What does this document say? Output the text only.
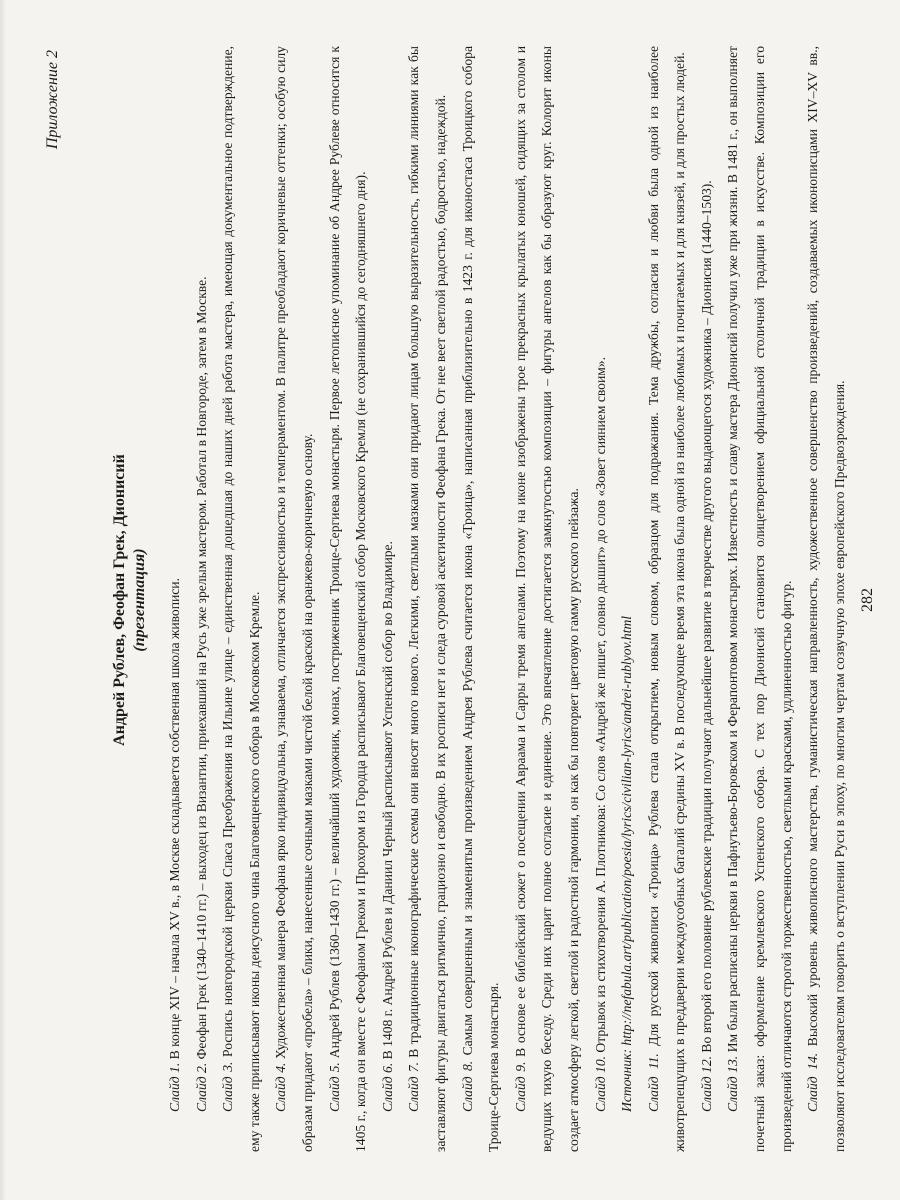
Приложение 2
Андрей Рублев, Феофан Грек, Дионисий (презентация)

Слайд 1. В конце XIV – начала XV в., в Москве складывается собственная школа живописи.

Слайд 2. Феофан Грек (1340–1410 гг.) – выходец из Византии, приехавший на Русь уже зрелым мастером. Работал в Новгороде, затем в Москве.

Слайд 3. Роспись новгородской церкви Спаса Преображения на Ильине улице – единственная дошедшая до наших дней работа мастера, имеющая документальное подтверждение, ему также приписывают иконы деисусного чина Благовещенского собора в Московском Кремле. Слайд 4. Художественная манера Феофана ярко индивидуальна, узнаваема, отличается экспрессивностью и темпераментом. В палитре преобладают коричневые оттенки; особую силу образам придают «пробела» – блики, нанесенные сочными мазками чистой белой краской на оранжево-коричневую основу. Слайд 5. Андрей Рублев (1360–1430 гг.) – величайший художник, монах, постриженник Троице-Сергиева монастыря. Первое летописное упоминание об Андрее Рублеве относится к 1405 г., когда он вместе с Феофаном Греком и Прохором из Городца расписывают Благовещенский собор Московского Кремля (не сохранившийся до сегодняшнего дня). Слайд 6. В 1408 г. Андрей Рублев и Даниил Черный расписывают Успенский собор во Владимире.

Слайд 7. В традиционные иконографические схемы они вносят много нового. Легкими, светлыми мазками они придают лицам большую выразительность, гибкими линиями как бы заставляют фигуры двигаться ритмично, грациозно и свободно. В их росписи нет и следа суровой аскетичности Феофана Грека. От нее веет светлой радостью, бодростью, надеждой. Слайд 8. Самым совершенным и знаменитым произведением Андрея Рублева считается икона «Троица», написанная приблизительно в 1423 г. для иконостаса Троицкого собора Троице-Сергиева монастыря. Слайд 9. В основе ее библейский сюжет о посещении Авраама и Сарры тремя ангелами. Поэтому на иконе изображены трое прекрасных крылатых юношей, сидящих за столом и ведущих тихую беседу. Среди них царит полное согласие и единение. Это впечатление достигается замкнутостью композиции – фигуры ангелов как бы образуют круг. Колорит иконы создает атмосферу легкой, светлой и радостной гармонии, он как бы повторяет цветовую гамму русского пейзажа. Слайд 10. Отрывок из стихотворения А. Плотникова: Со слов «Андрей же пишет, словно дышит» до слов «Зовет сиянием своим».

Источник: http://nefabula.art/publication/poesia/lyrics/civilian-lyrics/andrei-rublyov.html

Слайд 11. Для русской живописи «Троица» Рублева стала открытием, новым словом, образцом для подражания. Тема дружбы, согласия и любви была одной из наиболее животрепещущих в преддверии междоусобных баталий средины XV в. В последующее время эта икона была одной из наиболее любимых и почитаемых и для князей, и для простых людей. Слайд 12. Во второй его половине рублевские традиции получают дальнейшее развитие в творчестве другого выдающегося художника – Дионисия (1440–1503).

Слайд 13. Им были расписаны церкви в Пафнутьево-Боровском и Ферапонтовом монастырях. Известность и славу мастера Дионисий получил уже при жизни. В 1481 г., он выполняет почетный заказ: оформление кремлевского Успенского собора. С тех пор Дионисий становится олицетворением официальной столичной традиции в искусстве. Композиции его произведений отличаются строгой торжественностью, светлыми красками, удлиненностью фигур. Слайд 14. Высокий уровень живописного мастерства, гуманистическая направленность, художественное совершенство произведений, создаваемых иконописцами XIV–XV вв., позволяют исследователям говорить о вступлении Руси в эпоху, по многим чертам созвучную эпохе европейского Предвозрождения. 282
